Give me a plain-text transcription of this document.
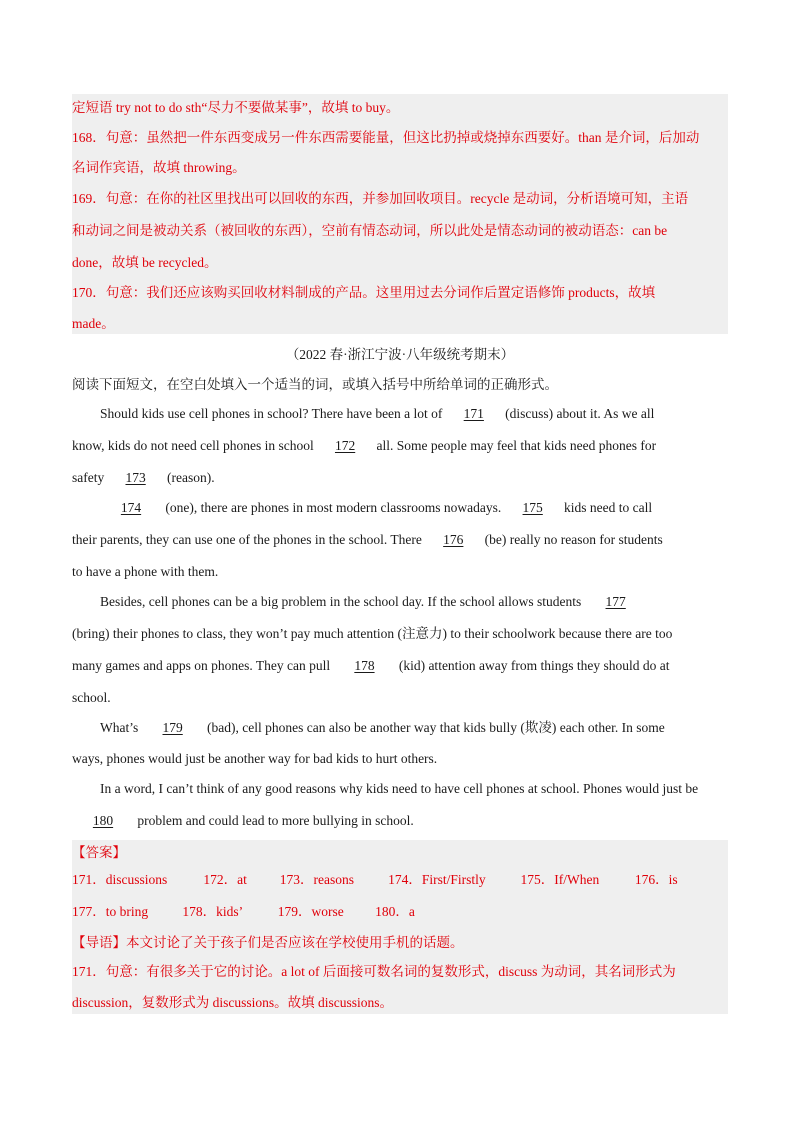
定短语 try not to do sth“尽力不要做某事”，故填 to buy。
168．句意：虽然把一件东西变成另一件东西需要能量，但这比扔掉或烧掉东西要好。than 是介词，后加动
名词作宾语，故填 throwing。
169．句意：在你的社区里找出可以回收的东西，并参加回收项目。recycle 是动词，分析语境可知，主语
和动词之间是被动关系（被回收的东西），空前有情态动词，所以此处是情态动词的被动语态：can be
done，故填 be recycled。
170．句意：我们还应该购买回收材料制成的产品。这里用过去分词作后置定语修饰 products，故填
made。
（2022 春·浙江宁波·八年级统考期末）
阅读下面短文，在空白处填入一个适当的词，或填入括号中所给单词的正确形式。
Should kids use cell phones in school? There have been a lot of 171 (discuss) about it. As we all
know, kids do not need cell phones in school 172 all. Some people may feel that kids need phones for
safety 173 (reason).
174 (one), there are phones in most modern classrooms nowadays. 175 kids need to call
their parents, they can use one of the phones in the school. There 176 (be) really no reason for students
to have a phone with them.
Besides, cell phones can be a big problem in the school day. If the school allows students 177
(bring) their phones to class, they won’t pay much attention (注意力) to their schoolwork because there are too
many games and apps on phones. They can pull 178 (kid) attention away from things they should do at
school.
What’s 179 (bad), cell phones can also be another way that kids bully (欺凌) each other. In some
ways, phones would just be another way for bad kids to hurt others.
In a word, I can’t think of any good reasons why kids need to have cell phones at school. Phones would just be
180 problem and could lead to more bullying in school.
【答案】
171．discussions	172．at 173．reasons	174．First/Firstly	175．If/When	176．is
177．to bring	178．kids’	179．worse 180．a
【导语】本文讨论了关于孩子们是否应该在学校使用手机的话题。
171．句意：有很多关于它的讨论。a lot of 后面接可数名词的复数形式，discuss 为动词，其名词形式为
discussion，复数形式为 discussions。故填 discussions。
